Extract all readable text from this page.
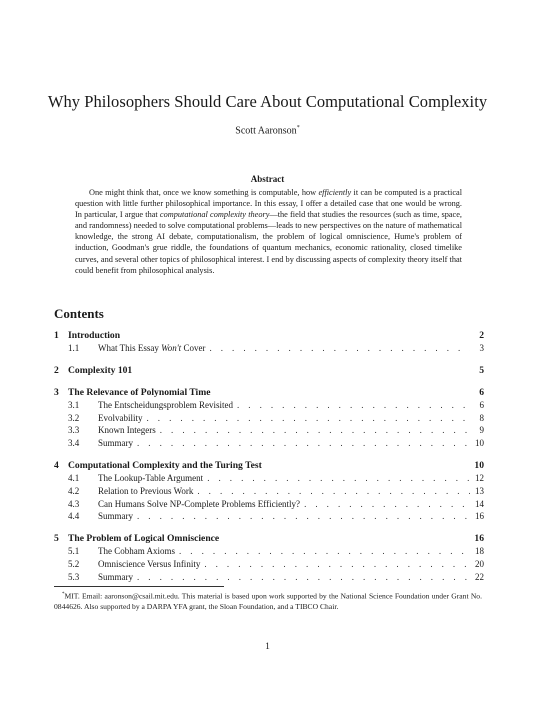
Why Philosophers Should Care About Computational Complexity
Scott Aaronson*
Abstract

One might think that, once we know something is computable, how efficiently it can be computed is a practical question with little further philosophical importance. In this essay, I offer a detailed case that one would be wrong. In particular, I argue that computational complexity theory—the field that studies the resources (such as time, space, and randomness) needed to solve computational problems—leads to new perspectives on the nature of mathematical knowledge, the strong AI debate, computationalism, the problem of logical omniscience, Hume's problem of induction, Goodman's grue riddle, the foundations of quantum mechanics, economic rationality, closed timelike curves, and several other topics of philosophical interest. I end by discussing aspects of complexity theory itself that could benefit from philosophical analysis.

Contents
1 Introduction	2
1.1	What This Essay Won't Cover . . .	3
2 Complexity 101	5
3 The Relevance of Polynomial Time	6
3.1	The Entscheidungsproblem Revisited . . .	6
3.2	Evolvability . . .	8
3.3	Known Integers . . .	9
3.4	Summary . . .	10
4 Computational Complexity and the Turing Test	10
4.1	The Lookup-Table Argument . . .	12
4.2	Relation to Previous Work . . .	13
4.3	Can Humans Solve NP-Complete Problems Efficiently? . . .	14
4.4	Summary . . .	16
5 The Problem of Logical Omniscience	16
5.1	The Cobham Axioms . . .	18
5.2	Omniscience Versus Infinity . . .	20
5.3	Summary . . .	22

*MIT. Email: aaronson@csail.mit.edu. This material is based upon work supported by the National Science Foundation under Grant No. 0844626. Also supported by a DARPA YFA grant, the Sloan Foundation, and a TIBCO Chair.

1
